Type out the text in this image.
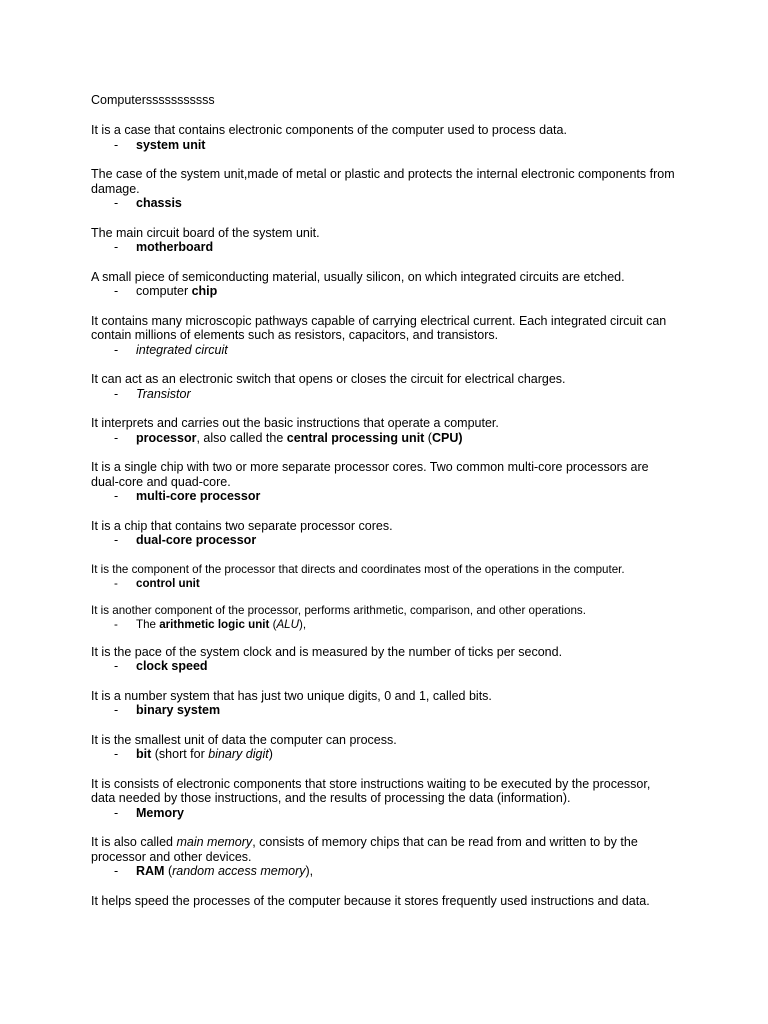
Computersssssssssss

It is a case that contains electronic components of the computer used to process data.

- system unit

The case of the system unit,made of metal or plastic and protects the internal electronic components from damage.

- chassis

The main circuit board of the system unit.

- motherboard

A small piece of semiconducting material, usually silicon, on which integrated circuits are etched.

- computer chip

It contains many microscopic pathways capable of carrying electrical current. Each integrated circuit can contain millions of elements such as resistors, capacitors, and transistors.

- integrated circuit

It can act as an electronic switch that opens or closes the circuit for electrical charges.

- Transistor

It interprets and carries out the basic instructions that operate a computer.

- processor, also called the central processing unit (CPU)

It is a single chip with two or more separate processor cores. Two common multi-core processors are dual-core and quad-core.

- multi-core processor

It is a chip that contains two separate processor cores.

- dual-core processor

It is the component of the processor that directs and coordinates most of the operations in the computer.

- control unit

It is another component of the processor, performs arithmetic, comparison, and other operations.

- The arithmetic logic unit (ALU),

It is the pace of the system clock and is measured by the number of ticks per second.

- clock speed

It is a number system that has just two unique digits, 0 and 1, called bits.

- binary system

It is the smallest unit of data the computer can process.

- bit (short for binary digit)

It is consists of electronic components that store instructions waiting to be executed by the processor, data needed by those instructions, and the results of processing the data (information).

- Memory

It is also called main memory, consists of memory chips that can be read from and written to by the processor and other devices.

- RAM (random access memory),

It helps speed the processes of the computer because it stores frequently used instructions and data.
